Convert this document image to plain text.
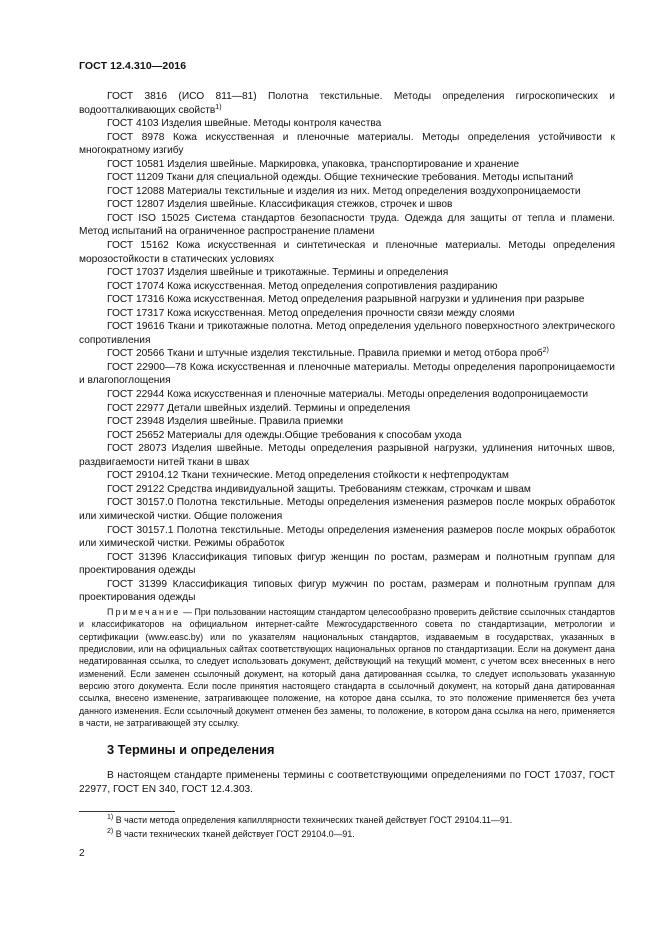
ГОСТ 12.4.310—2016

ГОСТ 3816 (ИСО 811—81) Полотна текстильные. Методы определения гигроскопических и водоотталкивающих свойств$^{1)}$

ГОСТ 4103 Изделия швейные. Методы контроля качества

ГОСТ 8978 Кожа искусственная и пленочные материалы. Методы определения устойчивости к многократному изгибу

ГОСТ 10581 Изделия швейные. Маркировка, упаковка, транспортирование и хранение

ГОСТ 11209 Ткани для специальной одежды. Общие технические требования. Методы испытаний

ГОСТ 12088 Материалы текстильные и изделия из них. Метод определения воздухопроницаемости

ГОСТ 12807 Изделия швейные. Классификация стежков, строчек и швов

ГОСТ ISO 15025 Система стандартов безопасности труда. Одежда для защиты от тепла и пламени. Метод испытаний на ограниченное распространение пламени

ГОСТ 15162 Кожа искусственная и синтетическая и пленочные материалы. Методы определения морозостойкости в статических условиях

ГОСТ 17037 Изделия швейные и трикотажные. Термины и определения

ГОСТ 17074 Кожа искусственная. Метод определения сопротивления раздиранию

ГОСТ 17316 Кожа искусственная. Метод определения разрывной нагрузки и удлинения при разрыве

ГОСТ 17317 Кожа искусственная. Метод определения прочности связи между слоями

ГОСТ 19616 Ткани и трикотажные полотна. Метод определения удельного поверхностного электрического сопротивления

ГОСТ 20566 Ткани и штучные изделия текстильные. Правила приемки и метод отбора проб$^{2)}$

ГОСТ 22900—78 Кожа искусственная и пленочные материалы. Методы определения паропроницаемости и влагопоглощения

ГОСТ 22944 Кожа искусственная и пленочные материалы. Методы определения водопроницаемости

ГОСТ 22977 Детали швейных изделий. Термины и определения

ГОСТ 23948 Изделия швейные. Правила приемки

ГОСТ 25652 Материалы для одежды.Общие требования к способам ухода

ГОСТ 28073 Изделия швейные. Методы определения разрывной нагрузки, удлинения ниточных швов, раздвигаемости нитей ткани в швах

ГОСТ 29104.12 Ткани технические. Метод определения стойкости к нефтепродуктам

ГОСТ 29122 Средства индивидуальной защиты. Требованиям стежкам, строчкам и швам

ГОСТ 30157.0 Полотна текстильные. Методы определения изменения размеров после мокрых обработок или химической чистки. Общие положения

ГОСТ 30157.1 Полотна текстильные. Методы определения изменения размеров после мокрых обработок или химической чистки. Режимы обработок

ГОСТ 31396 Классификация типовых фигур женщин по ростам, размерам и полнотным группам для проектирования одежды

ГОСТ 31399 Классификация типовых фигур мужчин по ростам, размерам и полнотным группам для проектирования одежды

Примечание — При пользовании настоящим стандартом целесообразно проверить действие ссылочных стандартов и классификаторов на официальном интернет-сайте Межгосударственного совета по стандартизации, метрологии и сертификации (www.easc.by) или по указателям национальных стандартов, издаваемым в государствах, указанных в предисловии, или на официальных сайтах соответствующих национальных органов по стандартизации. Если на документ дана недатированная ссылка, то следует использовать документ, действующий на текущий момент, с учетом всех внесенных в него изменений. Если заменен ссылочный документ, на который дана датированная ссылка, то следует использовать указанную версию этого документа. Если после принятия настоящего стандарта в ссылочный документ, на который дана датированная ссылка, внесено изменение, затрагивающее положение, на которое дана ссылка, то это положение применяется без учета данного изменения. Если ссылочный документ отменен без замены, то положение, в котором дана ссылка на него, применяется в части, не затрагивающей эту ссылку.
3 Термины и определения
В настоящем стандарте применены термины с соответствующими определениями по ГОСТ 17037, ГОСТ 22977, ГОСТ EN 340, ГОСТ 12.4.303.
$^{1)}$ В части метода определения капиллярности технических тканей действует ГОСТ 29104.11—91.
$^{2)}$ В части технических тканей действует ГОСТ 29104.0—91.
2
